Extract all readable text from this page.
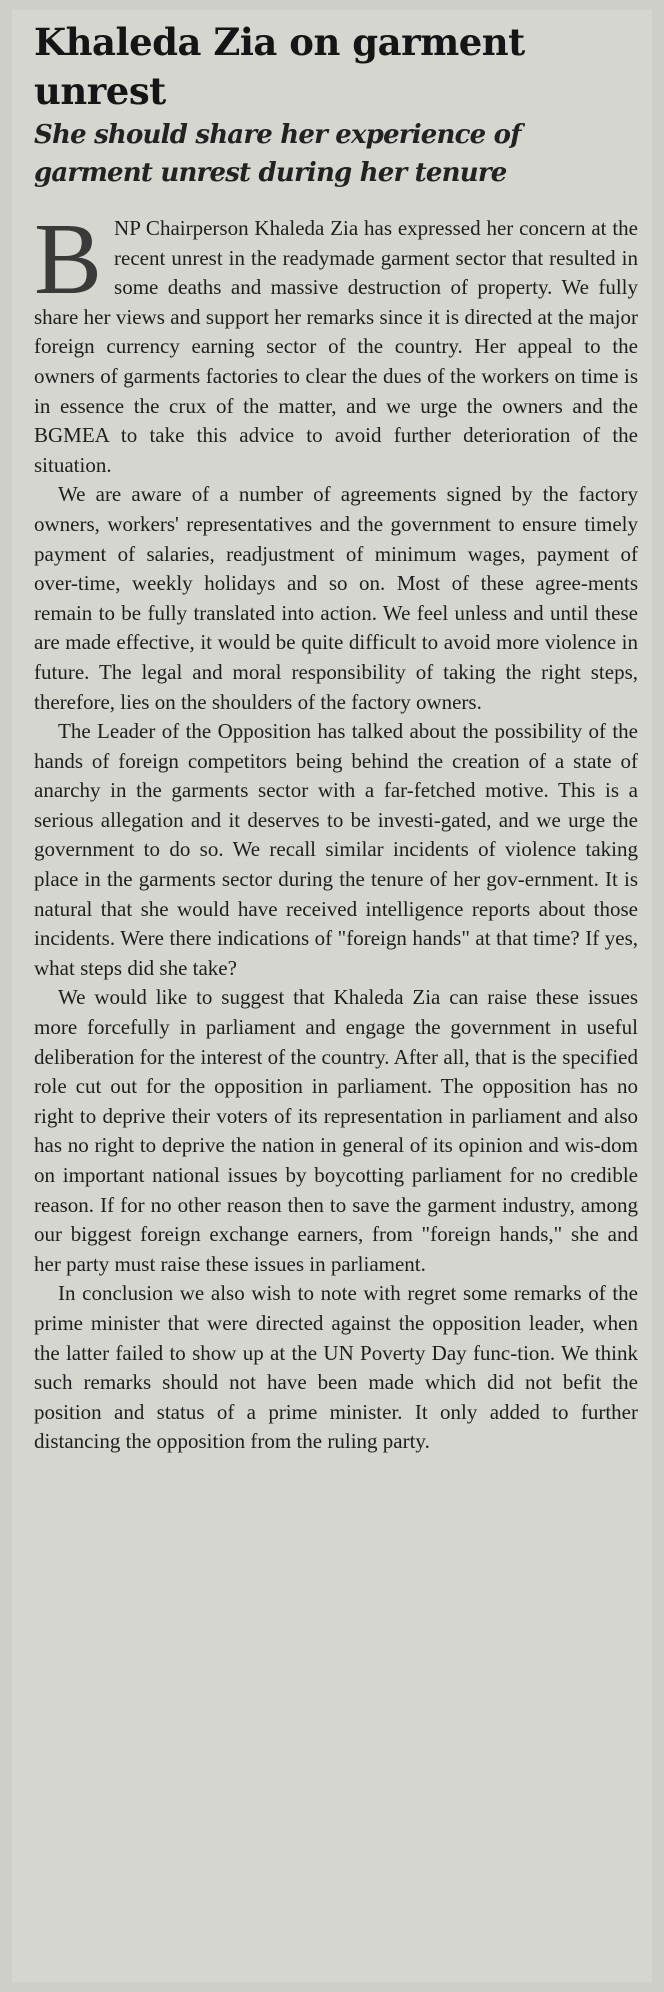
Khaleda Zia on garment unrest
She should share her experience of garment unrest during her tenure

BNP Chairperson Khaleda Zia has expressed her concern at the recent unrest in the readymade garment sector that resulted in some deaths and massive destruction of property. We fully share her views and support her remarks since it is directed at the major foreign currency earning sector of the country. Her appeal to the owners of garments factories to clear the dues of the workers on time is in essence the crux of the matter, and we urge the owners and the BGMEA to take this advice to avoid further deterioration of the situation.

We are aware of a number of agreements signed by the factory owners, workers' representatives and the government to ensure timely payment of salaries, readjustment of minimum wages, payment of over-time, weekly holidays and so on. Most of these agree-ments remain to be fully translated into action. We feel unless and until these are made effective, it would be quite difficult to avoid more violence in future. The legal and moral responsibility of taking the right steps, therefore, lies on the shoulders of the factory owners.

The Leader of the Opposition has talked about the possibility of the hands of foreign competitors being behind the creation of a state of anarchy in the garments sector with a far-fetched motive. This is a serious allegation and it deserves to be investi-gated, and we urge the government to do so. We recall similar incidents of violence taking place in the garments sector during the tenure of her gov-ernment. It is natural that she would have received intelligence reports about those incidents. Were there indications of "foreign hands" at that time? If yes, what steps did she take?

We would like to suggest that Khaleda Zia can raise these issues more forcefully in parliament and engage the government in useful deliberation for the interest of the country. After all, that is the specified role cut out for the opposition in parliament. The opposition has no right to deprive their voters of its representation in parliament and also has no right to deprive the nation in general of its opinion and wis-dom on important national issues by boycotting parliament for no credible reason. If for no other reason then to save the garment industry, among our biggest foreign exchange earners, from "foreign hands," she and her party must raise these issues in parliament.

In conclusion we also wish to note with regret some remarks of the prime minister that were directed against the opposition leader, when the latter failed to show up at the UN Poverty Day func-tion. We think such remarks should not have been made which did not befit the position and status of a prime minister. It only added to further distancing the opposition from the ruling party.
